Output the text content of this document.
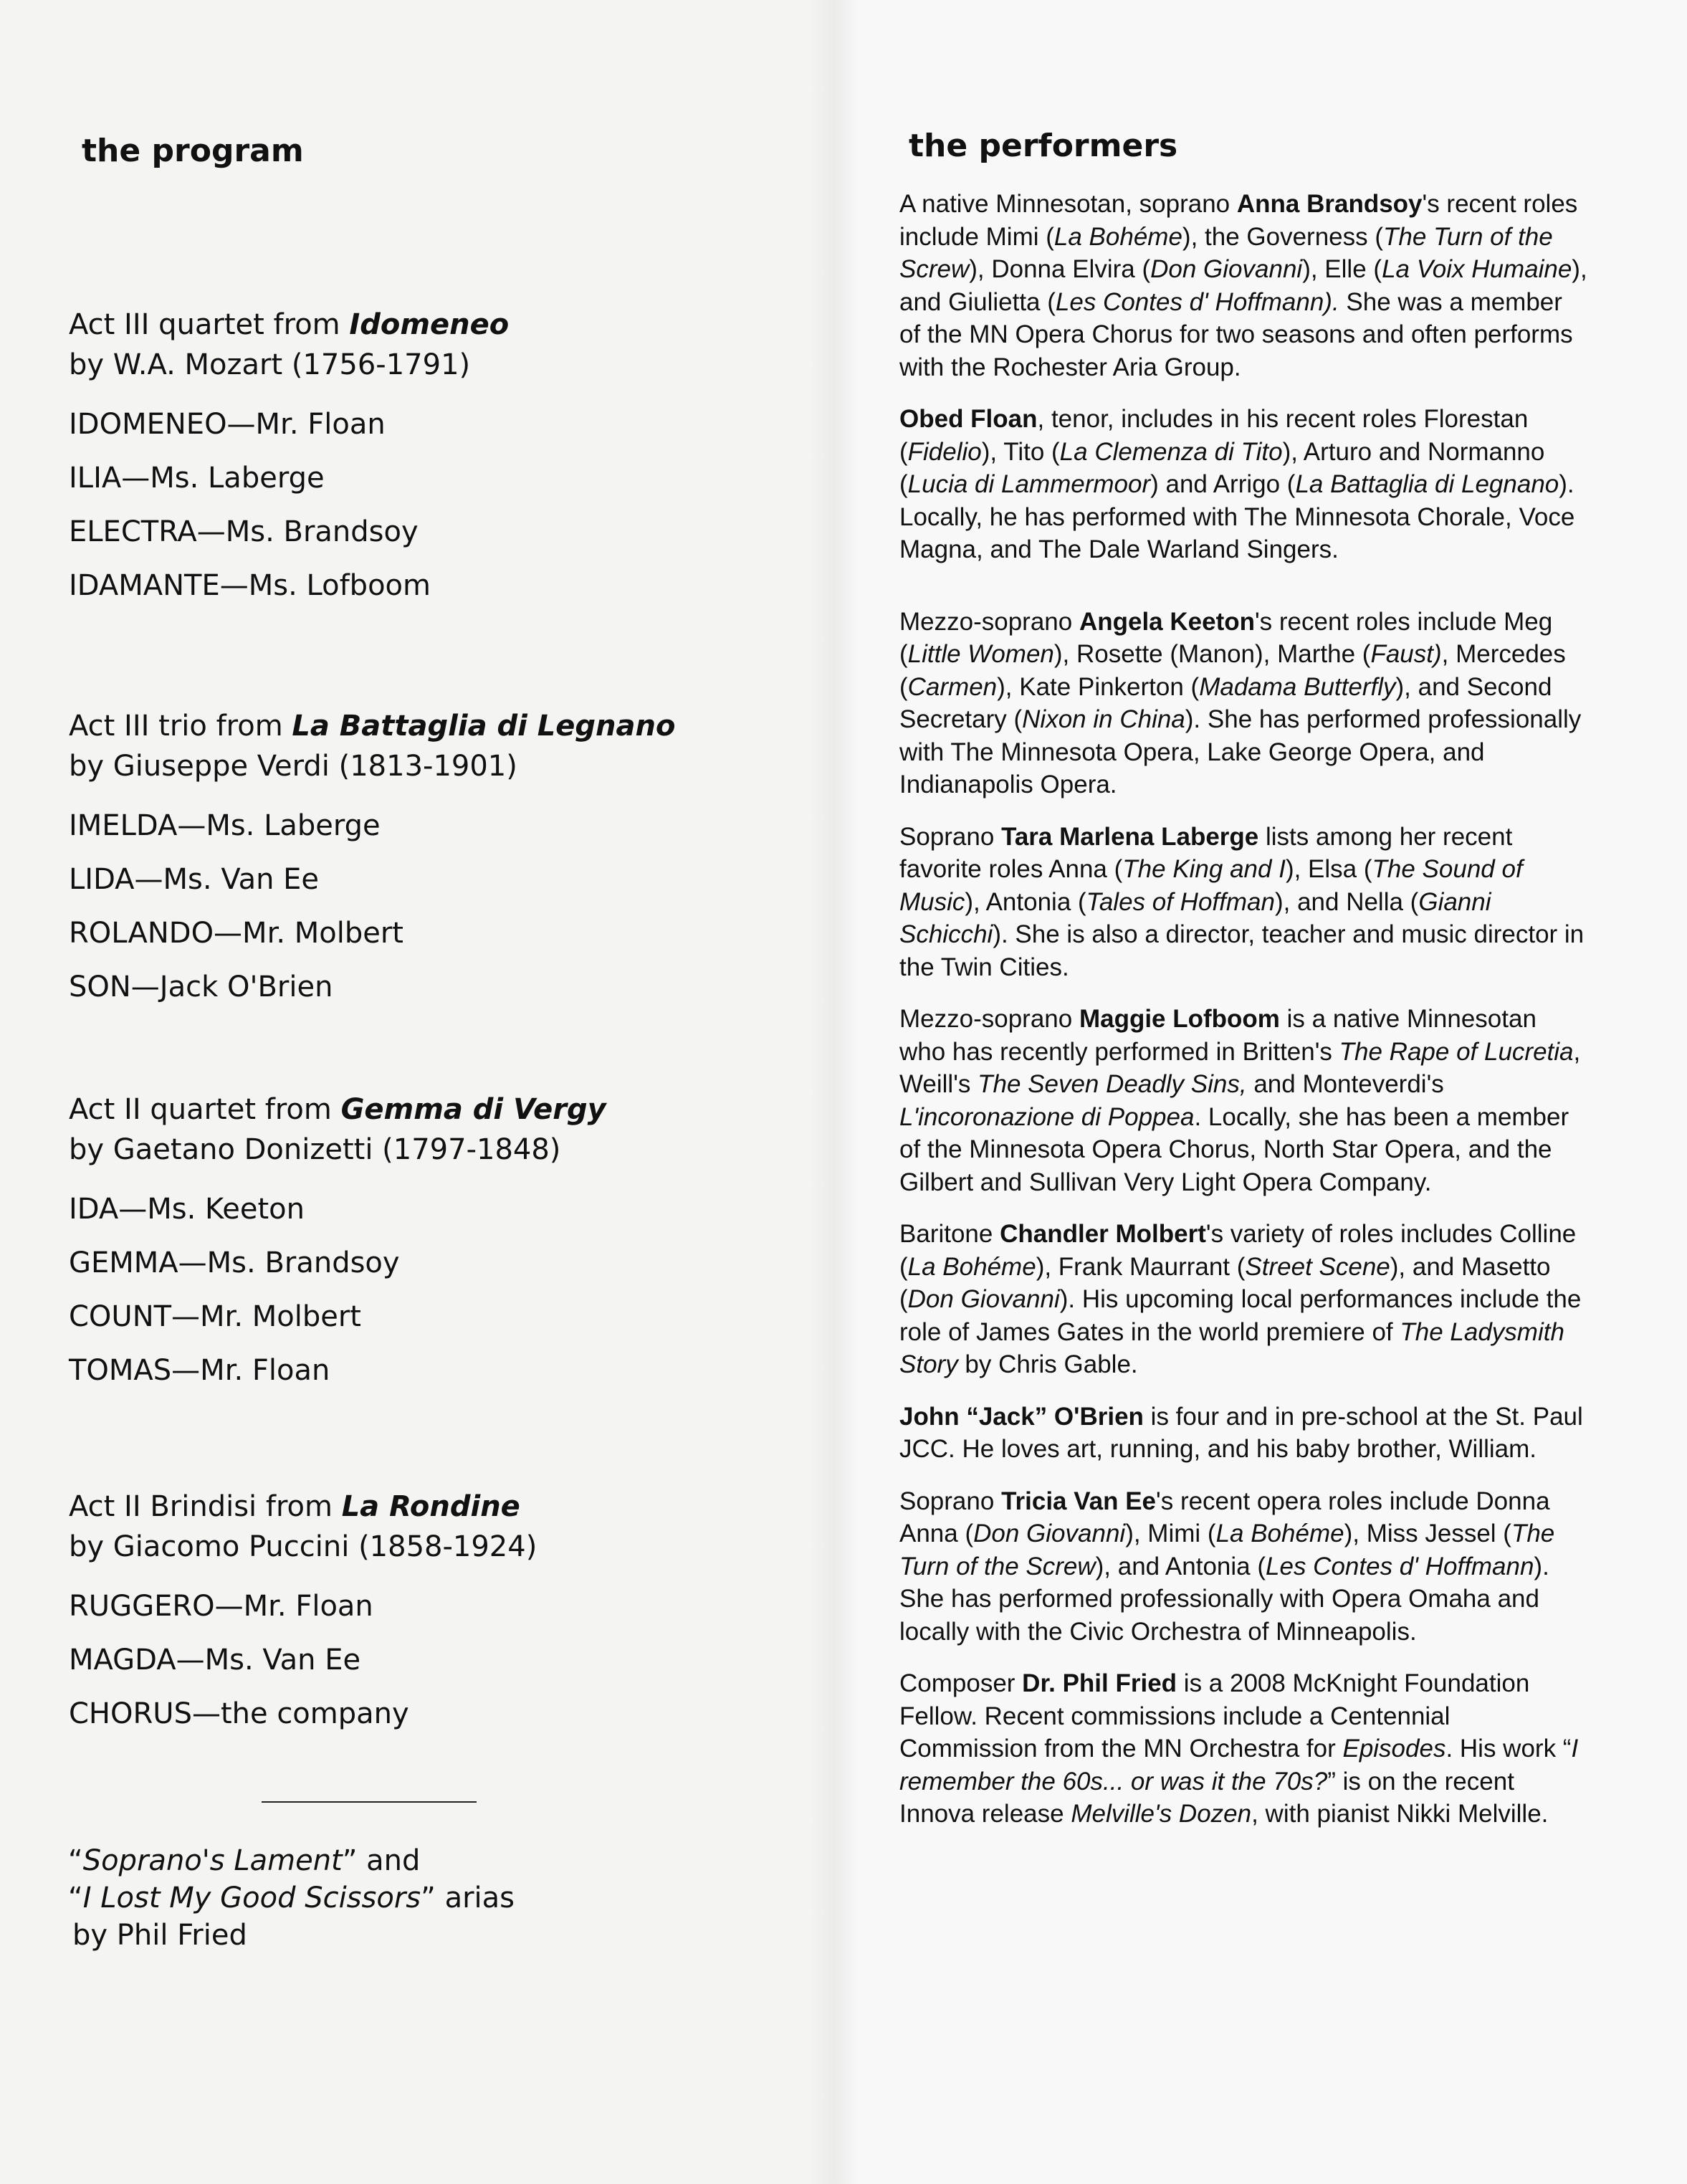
the program

Act III quartet from Idomeneo

by W.A. Mozart (1756-1791)

IDOMENEO—Mr. Floan

ILIA—Ms. Laberge

ELECTRA—Ms. Brandsoy

IDAMANTE—Ms. Lofboom

Act III trio from La Battaglia di Legnano

by Giuseppe Verdi (1813-1901)

IMELDA—Ms. Laberge

LIDA—Ms. Van Ee

ROLANDO—Mr. Molbert

SON—Jack O'Brien

Act II quartet from Gemma di Vergy

by Gaetano Donizetti (1797-1848)

IDA—Ms. Keeton

GEMMA—Ms. Brandsoy

COUNT—Mr. Molbert

TOMAS—Mr. Floan

Act II Brindisi from La Rondine

by Giacomo Puccini (1858-1924)

RUGGERO—Mr. Floan

MAGDA—Ms. Van Ee

CHORUS—the company

“Soprano's Lament” and
“I Lost My Good Scissors” arias
by Phil Fried
the performers

A native Minnesotan, soprano Anna Brandsoy's recent roles include Mimi (La Bohéme), the Governess (The Turn of the Screw), Donna Elvira (Don Giovanni), Elle (La Voix Humaine), and Giulietta (Les Contes d' Hoffmann). She was a member of the MN Opera Chorus for two seasons and often performs with the Rochester Aria Group.

Obed Floan, tenor, includes in his recent roles Florestan (Fidelio), Tito (La Clemenza di Tito), Arturo and Normanno (Lucia di Lammermoor) and Arrigo (La Battaglia di Legnano). Locally, he has performed with The Minnesota Chorale, Voce Magna, and The Dale Warland Singers.

Mezzo-soprano Angela Keeton's recent roles include Meg (Little Women), Rosette (Manon), Marthe (Faust), Mercedes (Carmen), Kate Pinkerton (Madama Butterfly), and Second Secretary (Nixon in China). She has performed professionally with The Minnesota Opera, Lake George Opera, and Indianapolis Opera.

Soprano Tara Marlena Laberge lists among her recent favorite roles Anna (The King and I), Elsa (The Sound of Music), Antonia (Tales of Hoffman), and Nella (Gianni Schicchi). She is also a director, teacher and music director in the Twin Cities.

Mezzo-soprano Maggie Lofboom is a native Minnesotan who has recently performed in Britten's The Rape of Lucretia, Weill's The Seven Deadly Sins, and Monteverdi's L'incoronazione di Poppea. Locally, she has been a member of the Minnesota Opera Chorus, North Star Opera, and the Gilbert and Sullivan Very Light Opera Company.

Baritone Chandler Molbert's variety of roles includes Colline (La Bohéme), Frank Maurrant (Street Scene), and Masetto (Don Giovanni). His upcoming local performances include the role of James Gates in the world premiere of The Ladysmith Story by Chris Gable.

John “Jack” O'Brien is four and in pre-school at the St. Paul JCC. He loves art, running, and his baby brother, William.

Soprano Tricia Van Ee's recent opera roles include Donna Anna (Don Giovanni), Mimi (La Bohéme), Miss Jessel (The Turn of the Screw), and Antonia (Les Contes d' Hoffmann). She has performed professionally with Opera Omaha and locally with the Civic Orchestra of Minneapolis.

Composer Dr. Phil Fried is a 2008 McKnight Foundation Fellow. Recent commissions include a Centennial Commission from the MN Orchestra for Episodes. His work “I remember the 60s... or was it the 70s?” is on the recent Innova release Melville's Dozen, with pianist Nikki Melville.
